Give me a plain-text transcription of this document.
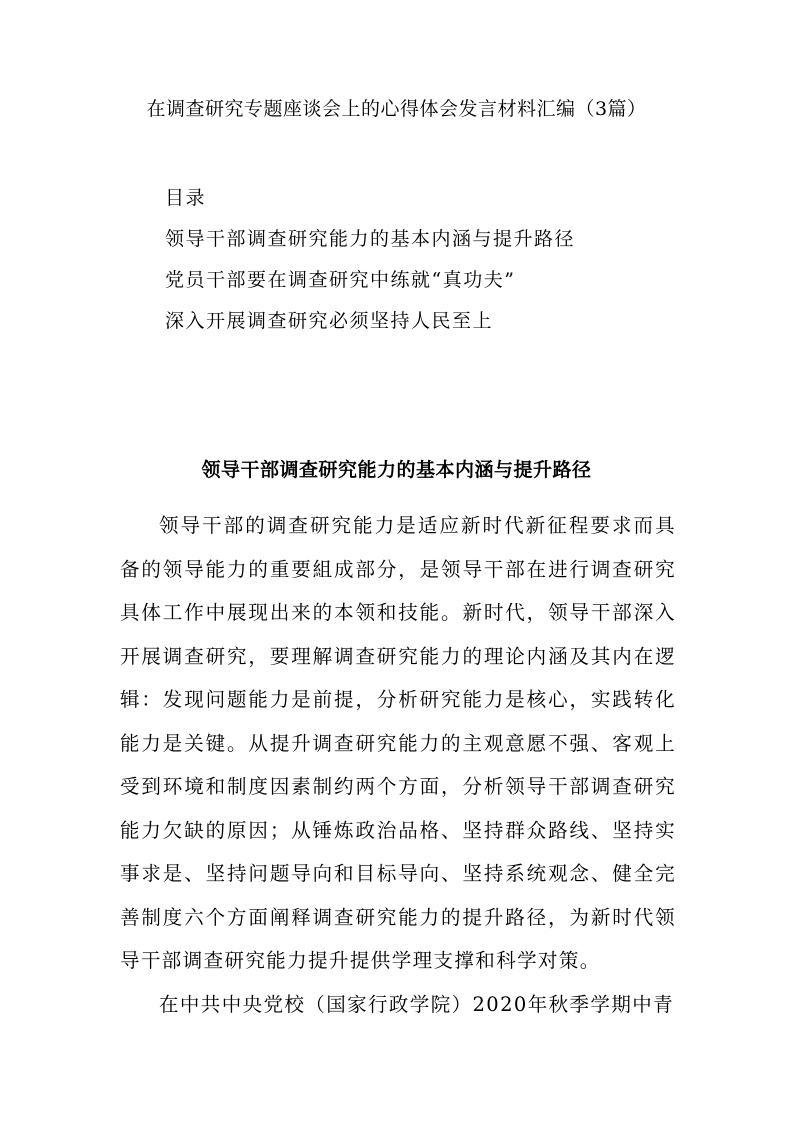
在调查研究专题座谈会上的心得体会发言材料汇编（3篇）
目录
领导干部调查研究能力的基本内涵与提升路径
党员干部要在调查研究中练就“真功夫”
深入开展调查研究必须坚持人民至上
领导干部调查研究能力的基本内涵与提升路径

领导干部的调查研究能力是适应新时代新征程要求而具备的领导能力的重要組成部分，是领导干部在进行调查研究具体工作中展现出来的本领和技能。新时代，领导干部深入开展调查研究，要理解调查研究能力的理论内涵及其内在逻辑：发现问题能力是前提，分析研究能力是核心，实践转化能力是关键。从提升调查研究能力的主观意愿不强、客观上受到环境和制度因素制约两个方面，分析领导干部调查研究能力欠缺的原因；从锤炼政治品格、坚持群众路线、坚持实事求是、坚持问题导向和目标导向、坚持系统观念、健全完善制度六个方面阐释调查研究能力的提升路径，为新时代领导干部调查研究能力提升提供学理支撑和科学对策。

在中共中央党校（国家行政学院）2020年秋季学期中青
